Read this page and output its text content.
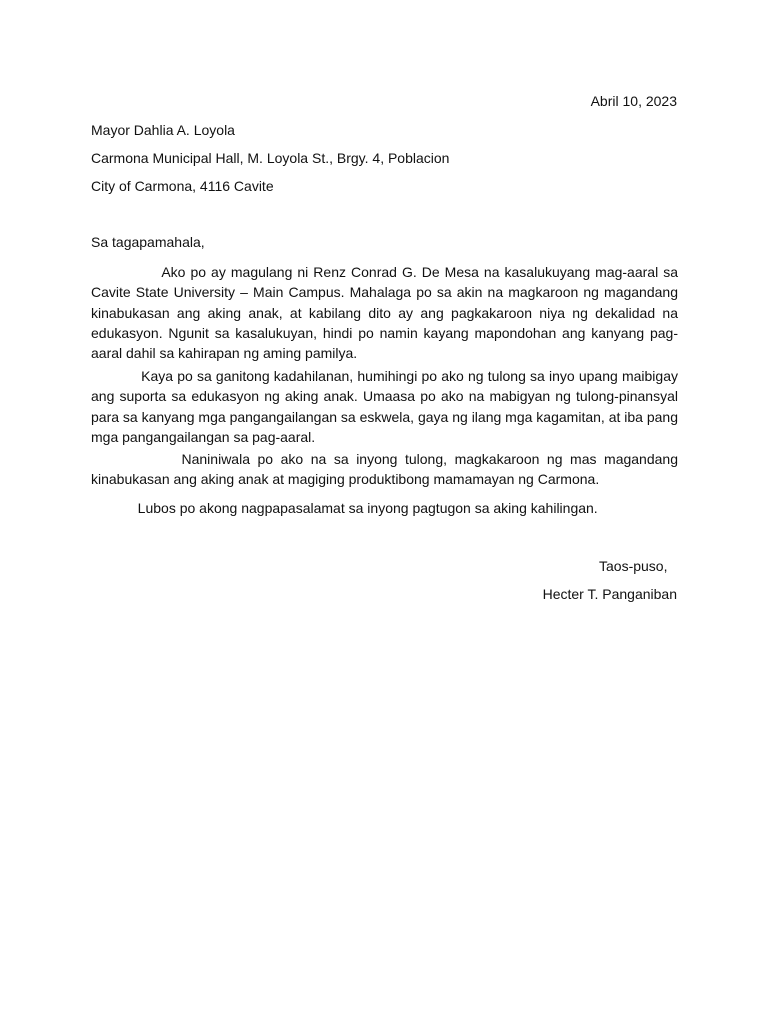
Abril 10, 2023
Mayor Dahlia A. Loyola
Carmona Municipal Hall, M. Loyola St., Brgy. 4, Poblacion
City of Carmona, 4116 Cavite
Sa tagapamahala,
Ako po ay magulang ni Renz Conrad G. De Mesa na kasalukuyang mag-aaral sa Cavite State University – Main Campus. Mahalaga po sa akin na magkaroon ng magandang kinabukasan ang aking anak, at kabilang dito ay ang pagkakaroon niya ng dekalidad na edukasyon. Ngunit sa kasalukuyan, hindi po namin kayang mapondohan ang kanyang pag-aaral dahil sa kahirapan ng aming pamilya.
Kaya po sa ganitong kadahilanan, humihingi po ako ng tulong sa inyo upang maibigay ang suporta sa edukasyon ng aking anak. Umaasa po ako na mabigyan ng tulong-pinansyal para sa kanyang mga pangangailangan sa eskwela, gaya ng ilang mga kagamitan, at iba pang mga pangangailangan sa pag-aaral.
Naniniwala po ako na sa inyong tulong, magkakaroon ng mas magandang kinabukasan ang aking anak at magiging produktibong mamamayan ng Carmona.
Lubos po akong nagpapasalamat sa inyong pagtugon sa aking kahilingan.
Taos-puso,
Hecter T. Panganiban
